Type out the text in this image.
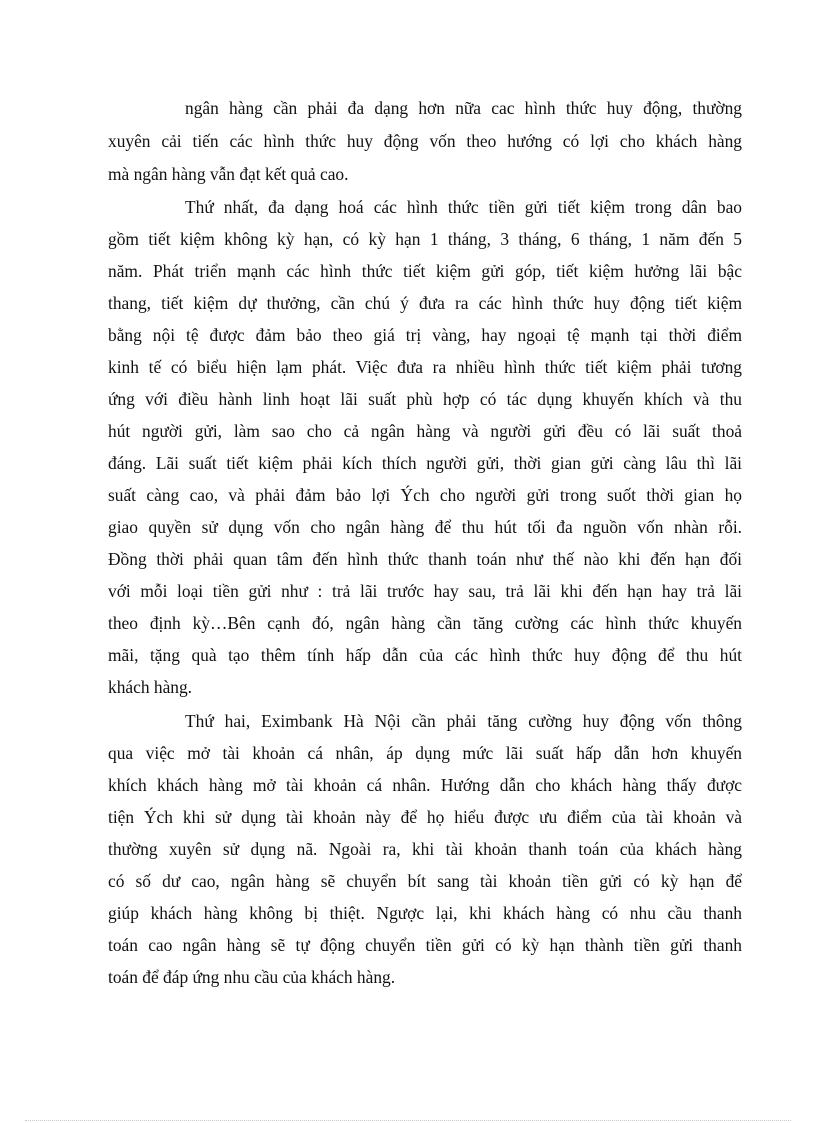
ngân hàng cần phải đa dạng hơn nữa cac hình thức huy động, thường
xuyên cải tiến các hình thức huy động vốn theo hướng có lợi cho khách hàng
mà ngân hàng vẫn đạt kết quả cao.
Thứ nhất, đa dạng hoá các hình thức tiền gửi tiết kiệm trong dân bao
gồm tiết kiệm không kỳ hạn, có kỳ hạn 1 tháng, 3 tháng, 6 tháng, 1 năm đến 5
năm. Phát triển mạnh các hình thức tiết kiệm gửi góp, tiết kiệm hưởng lãi bậc
thang, tiết kiệm dự thưởng, cần chú ý đưa ra các hình thức huy động tiết kiệm
bằng nội tệ được đảm bảo theo giá trị vàng, hay ngoại tệ mạnh tại thời điểm
kinh tế có biểu hiện lạm phát. Việc đưa ra nhiều hình thức tiết kiệm phải tương
ứng với điều hành linh hoạt lãi suất phù hợp có tác dụng khuyến khích và thu
hút người gửi, làm sao cho cả ngân hàng và người gửi đều có lãi suất thoả
đáng. Lãi suất tiết kiệm phải kích thích người gửi, thời gian gửi càng lâu thì lãi
suất càng cao, và phải đảm bảo lợi Ých cho người gửi trong suốt thời gian họ
giao quyền sử dụng vốn cho ngân hàng để thu hút tối đa nguồn vốn nhàn rỗi.
Đồng thời phải quan tâm đến hình thức thanh toán như thế nào khi đến hạn đối
với mỗi loại tiền gửi như : trả lãi trước hay sau, trả lãi khi đến hạn hay trả lãi
theo định kỳ…Bên cạnh đó, ngân hàng cần tăng cường các hình thức khuyến
mãi, tặng quà tạo thêm tính hấp dẫn của các hình thức huy động để thu hút
khách hàng.
Thứ hai, Eximbank Hà Nội cần phải tăng cường huy động vốn thông
qua việc mở tài khoản cá nhân, áp dụng mức lãi suất hấp dẫn hơn khuyến
khích khách hàng mở tài khoản cá nhân. Hướng dẫn cho khách hàng thấy được
tiện Ých khi sử dụng tài khoản này để họ hiểu được ưu điểm của tài khoản và
thường xuyên sử dụng nã. Ngoài ra, khi tài khoản thanh toán của khách hàng
có số dư cao, ngân hàng sẽ chuyển bít sang tài khoản tiền gửi có kỳ hạn để
giúp khách hàng không bị thiệt. Ngược lại, khi khách hàng có nhu cầu thanh
toán cao ngân hàng sẽ tự động chuyển tiền gửi có kỳ hạn thành tiền gửi thanh
toán để đáp ứng nhu cầu của khách hàng.
